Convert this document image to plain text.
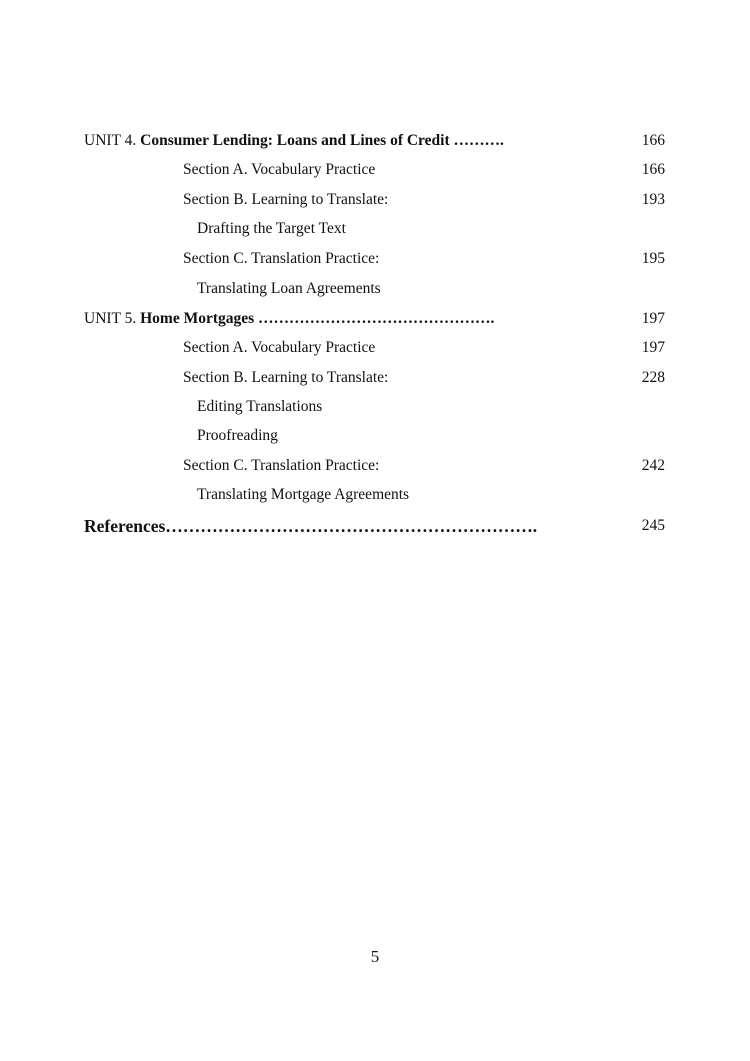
UNIT 4. Consumer Lending: Loans and Lines of Credit ……….	166
Section A. Vocabulary Practice	166
Section B. Learning to Translate:	193
Drafting the Target Text
Section C. Translation Practice:	195
Translating Loan Agreements
UNIT 5. Home Mortgages ……………………………………….	197
Section A. Vocabulary Practice	197
Section B. Learning to Translate:	228
Editing Translations
Proofreading
Section C. Translation Practice:	242
Translating Mortgage Agreements
References……………………………………………………….	245
5
